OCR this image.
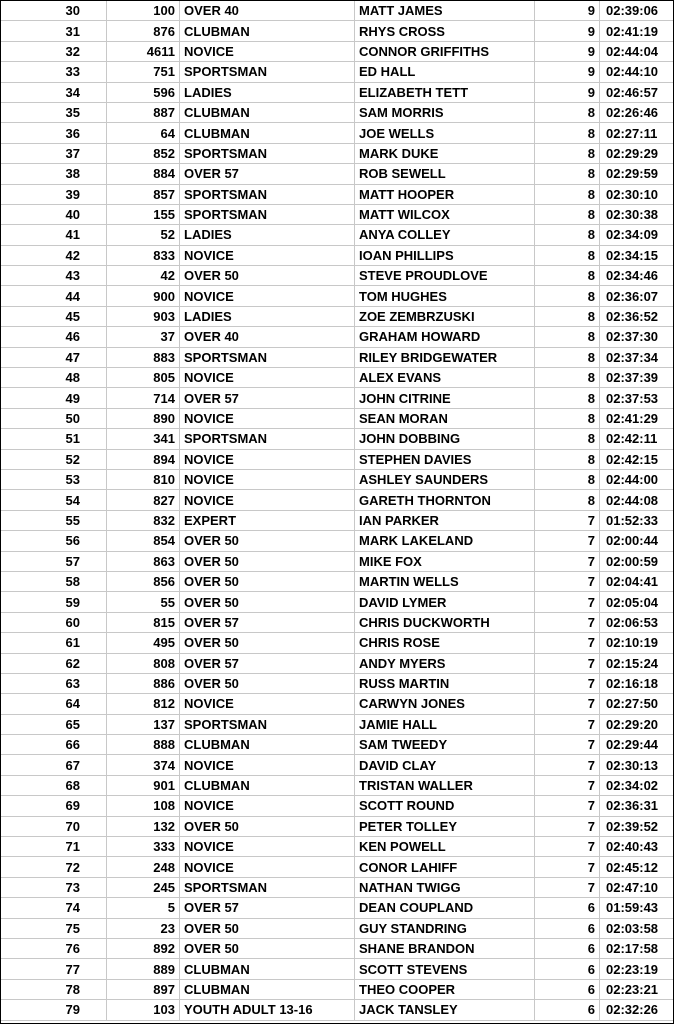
30	100	OVER 40	MATT JAMES	9	02:39:06
31	876	CLUBMAN	RHYS CROSS	9	02:41:19
32	4611	NOVICE	CONNOR GRIFFITHS	9	02:44:04
33	751	SPORTSMAN	ED HALL	9	02:44:10
34	596	LADIES	ELIZABETH TETT	9	02:46:57
35	887	CLUBMAN	SAM MORRIS	8	02:26:46
36	64	CLUBMAN	JOE WELLS	8	02:27:11
37	852	SPORTSMAN	MARK DUKE	8	02:29:29
38	884	OVER 57	ROB SEWELL	8	02:29:59
39	857	SPORTSMAN	MATT HOOPER	8	02:30:10
40	155	SPORTSMAN	MATT WILCOX	8	02:30:38
41	52	LADIES	ANYA COLLEY	8	02:34:09
42	833	NOVICE	IOAN PHILLIPS	8	02:34:15
43	42	OVER 50	STEVE PROUDLOVE	8	02:34:46
44	900	NOVICE	TOM HUGHES	8	02:36:07
45	903	LADIES	ZOE ZEMBRZUSKI	8	02:36:52
46	37	OVER 40	GRAHAM HOWARD	8	02:37:30
47	883	SPORTSMAN	RILEY BRIDGEWATER	8	02:37:34
48	805	NOVICE	ALEX EVANS	8	02:37:39
49	714	OVER 57	JOHN CITRINE	8	02:37:53
50	890	NOVICE	SEAN MORAN	8	02:41:29
51	341	SPORTSMAN	JOHN DOBBING	8	02:42:11
52	894	NOVICE	STEPHEN DAVIES	8	02:42:15
53	810	NOVICE	ASHLEY SAUNDERS	8	02:44:00
54	827	NOVICE	GARETH THORNTON	8	02:44:08
55	832	EXPERT	IAN PARKER	7	01:52:33
56	854	OVER 50	MARK LAKELAND	7	02:00:44
57	863	OVER 50	MIKE FOX	7	02:00:59
58	856	OVER 50	MARTIN WELLS	7	02:04:41
59	55	OVER 50	DAVID LYMER	7	02:05:04
60	815	OVER 57	CHRIS DUCKWORTH	7	02:06:53
61	495	OVER 50	CHRIS ROSE	7	02:10:19
62	808	OVER 57	ANDY MYERS	7	02:15:24
63	886	OVER 50	RUSS MARTIN	7	02:16:18
64	812	NOVICE	CARWYN JONES	7	02:27:50
65	137	SPORTSMAN	JAMIE HALL	7	02:29:20
66	888	CLUBMAN	SAM TWEEDY	7	02:29:44
67	374	NOVICE	DAVID CLAY	7	02:30:13
68	901	CLUBMAN	TRISTAN WALLER	7	02:34:02
69	108	NOVICE	SCOTT ROUND	7	02:36:31
70	132	OVER 50	PETER TOLLEY	7	02:39:52
71	333	NOVICE	KEN POWELL	7	02:40:43
72	248	NOVICE	CONOR LAHIFF	7	02:45:12
73	245	SPORTSMAN	NATHAN TWIGG	7	02:47:10
74	5	OVER 57	DEAN COUPLAND	6	01:59:43
75	23	OVER 50	GUY STANDRING	6	02:03:58
76	892	OVER 50	SHANE BRANDON	6	02:17:58
77	889	CLUBMAN	SCOTT STEVENS	6	02:23:19
78	897	CLUBMAN	THEO COOPER	6	02:23:21
79	103	YOUTH ADULT 13-16	JACK TANSLEY	6	02:32:26
